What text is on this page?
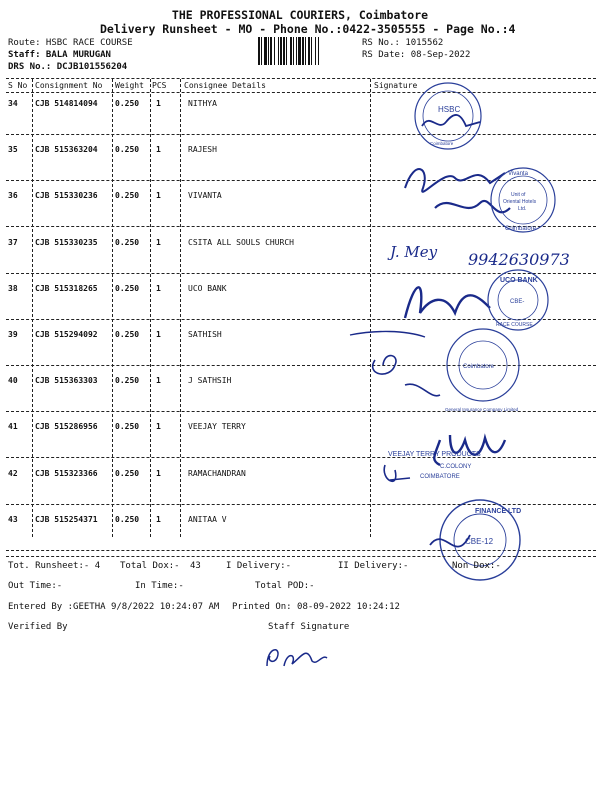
THE PROFESSIONAL COURIERS, Coimbatore
Delivery Runsheet - MO - Phone No.:0422-3505555 - Page No.:4
Route: HSBC RACE COURSE
Staff: BALA MURUGAN
DRS No.: DCJB101556204
RS No.: 1015562
RS Date: 08-Sep-2022
S No Consignment No Weight PCS Consignee Details	Signature
34 CJB 514814094 0.250 1	NITHYA
35 CJB 515363204 0.250 1	RAJESH
36 CJB 515330236 0.250 1	VIVANTA
37 CJB 515330235 0.250 1	CSITA ALL SOULS CHURCH
38 CJB 515318265 0.250 1	UCO BANK
39 CJB 515294092 0.250 1	SATHISH
40 CJB 515363303 0.250 1	J SATHSIH
41 CJB 515286956 0.250 1	VEEJAY TERRY
42 CJB 515323366 0.250 1	RAMACHANDRAN
43 CJB 515254371 0.250 1	ANITAA V
HSBC
Coimbatore
Vivanta
Unit of
Oriental Hotels
Ltd.
Coimbatore
J. Mey 9942630973
UCO BANK
CBE-
RACE COURSE
Coimbatore
General Insurance Company Limited
VEEJAY TERRY PRODUCTS
C.COLONY
COIMBATORE
FINANCE LTD
CBE-12
Tot. Runsheet:- 4 Total Dox:- 43	I Delivery:-	II Delivery:-	Non Dox:-
Out Time:-	In Time:-	Total POD:-
Entered By :GEETHA 9/8/2022 10:24:07 AM Printed On: 08-09-2022 10:24:12
Verified By	Staff Signature
